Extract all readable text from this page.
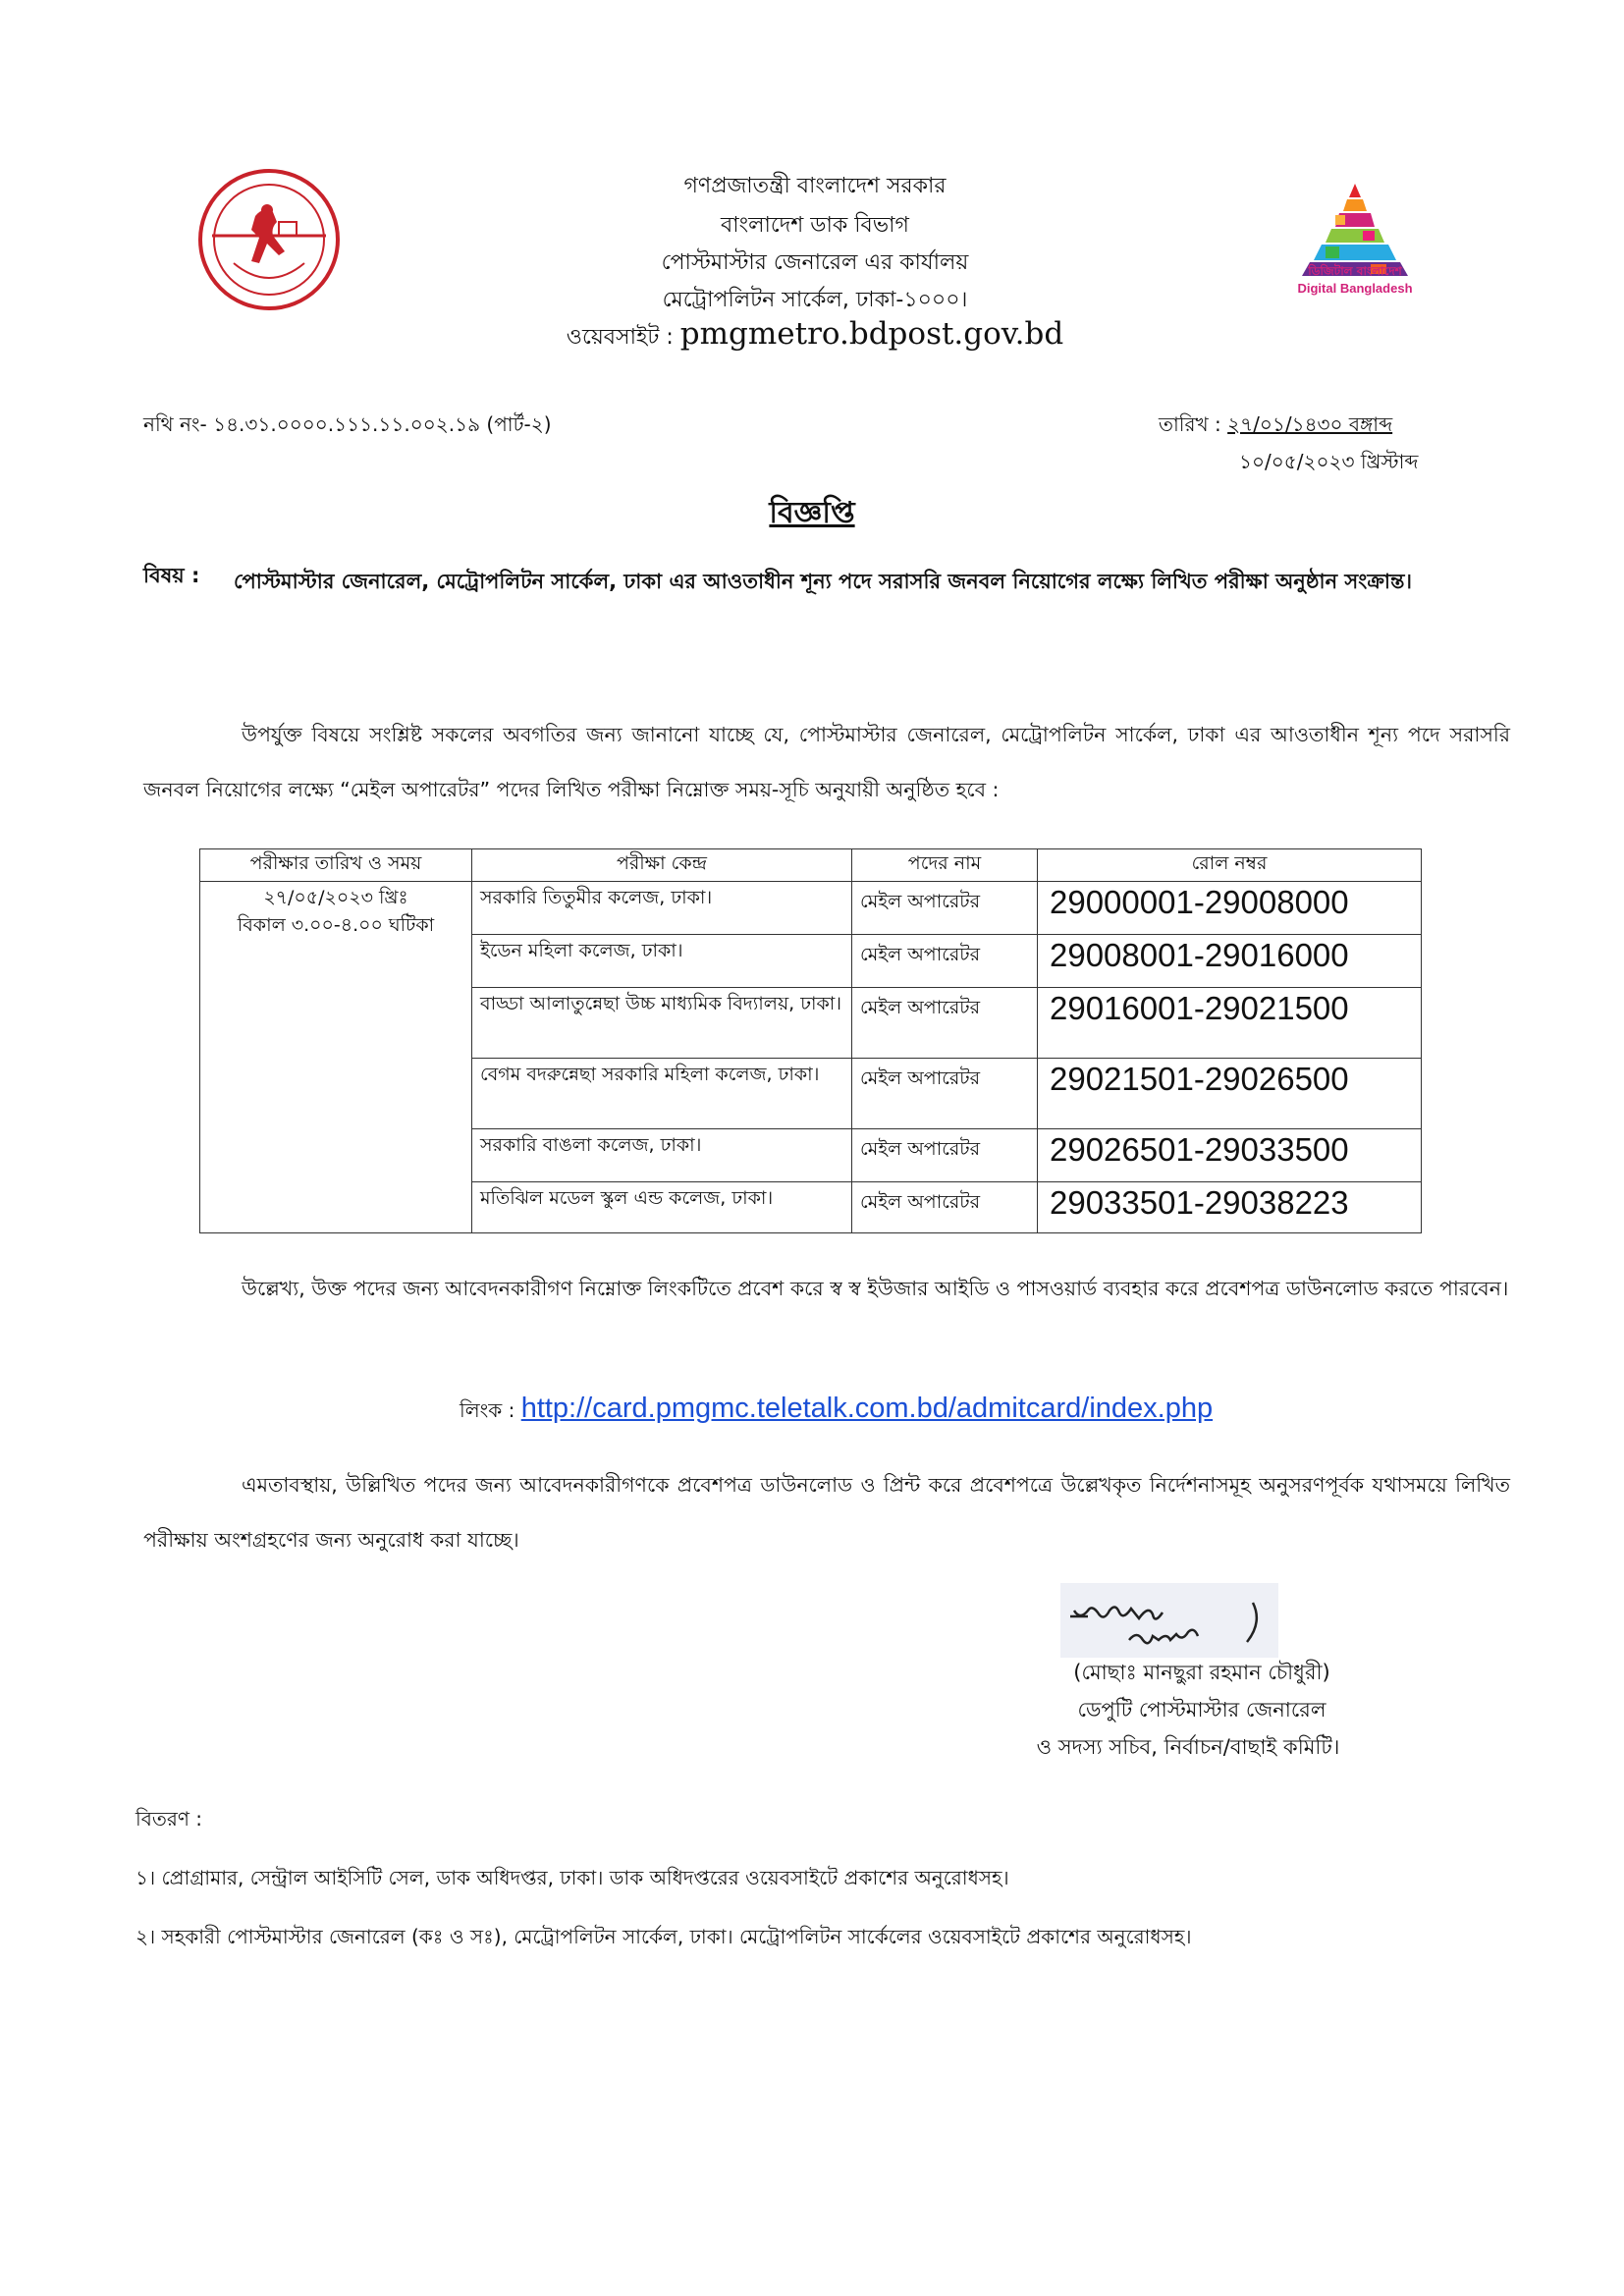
ডিজিটাল বাংলাদেশ
Digital Bangladesh
গণপ্রজাতন্ত্রী বাংলাদেশ সরকার
বাংলাদেশ ডাক বিভাগ
পোস্টমাস্টার জেনারেল এর কার্যালয়
মেট্রোপলিটন সার্কেল, ঢাকা-১০০০।
ওয়েবসাইট : pmgmetro.bdpost.gov.bd
নথি নং- ১৪.৩১.০০০০.১১১.১১.০০২.১৯ (পার্ট-২)	তারিখ : ২৭/০১/১৪৩০ বঙ্গাব্দ
১০/০৫/২০২৩ খ্রিস্টাব্দ
বিজ্ঞপ্তি
বিষয় : পোস্টমাস্টার জেনারেল, মেট্রোপলিটন সার্কেল, ঢাকা এর আওতাধীন শূন্য পদে সরাসরি জনবল নিয়োগের লক্ষ্যে লিখিত পরীক্ষা অনুষ্ঠান সংক্রান্ত।
উপর্যুক্ত বিষয়ে সংশ্লিষ্ট সকলের অবগতির জন্য জানানো যাচ্ছে যে, পোস্টমাস্টার জেনারেল, মেট্রোপলিটন সার্কেল, ঢাকা এর আওতাধীন শূন্য পদে সরাসরি জনবল নিয়োগের লক্ষ্যে “মেইল অপারেটর” পদের লিখিত পরীক্ষা নিম্নোক্ত সময়-সূচি অনুযায়ী অনুষ্ঠিত হবে :
পরীক্ষার তারিখ ও সময়	পরীক্ষা কেন্দ্র	পদের নাম	রোল নম্বর

২৭/০৫/২০২৩ খ্রিঃ
বিকাল ৩.০০-৪.০০ ঘটিকা	সরকারি তিতুমীর কলেজ, ঢাকা।	মেইল অপারেটর	29000001-29008000
	ইডেন মহিলা কলেজ, ঢাকা।	মেইল অপারেটর	29008001-29016000
	বাড্ডা আলাতুন্নেছা উচ্চ মাধ্যমিক বিদ্যালয়, ঢাকা।	মেইল অপারেটর	29016001-29021500
	বেগম বদরুন্নেছা সরকারি মহিলা কলেজ, ঢাকা।	মেইল অপারেটর	29021501-29026500
	সরকারি বাঙলা কলেজ, ঢাকা।	মেইল অপারেটর	29026501-29033500
	মতিঝিল মডেল স্কুল এন্ড কলেজ, ঢাকা।	মেইল অপারেটর	29033501-29038223
উল্লেখ্য, উক্ত পদের জন্য আবেদনকারীগণ নিম্নোক্ত লিংকটিতে প্রবেশ করে স্ব স্ব ইউজার আইডি ও পাসওয়ার্ড ব্যবহার করে প্রবেশপত্র ডাউনলোড করতে পারবেন।
লিংক : http://card.pmgmc.teletalk.com.bd/admitcard/index.php
এমতাবস্থায়, উল্লিখিত পদের জন্য আবেদনকারীগণকে প্রবেশপত্র ডাউনলোড ও প্রিন্ট করে প্রবেশপত্রে উল্লেখকৃত নির্দেশনাসমূহ অনুসরণপূর্বক যথাসময়ে লিখিত পরীক্ষায় অংশগ্রহণের জন্য অনুরোধ করা যাচ্ছে।
(মোছাঃ মানছুরা রহমান চৌধুরী)
ডেপুটি পোস্টমাস্টার জেনারেল
ও সদস্য সচিব, নির্বাচন/বাছাই কমিটি।
বিতরণ :
১। প্রোগ্রামার, সেন্ট্রাল আইসিটি সেল, ডাক অধিদপ্তর, ঢাকা। ডাক অধিদপ্তরের ওয়েবসাইটে প্রকাশের অনুরোধসহ।
২। সহকারী পোস্টমাস্টার জেনারেল (কঃ ও সঃ), মেট্রোপলিটন সার্কেল, ঢাকা। মেট্রোপলিটন সার্কেলের ওয়েবসাইটে প্রকাশের অনুরোধসহ।
